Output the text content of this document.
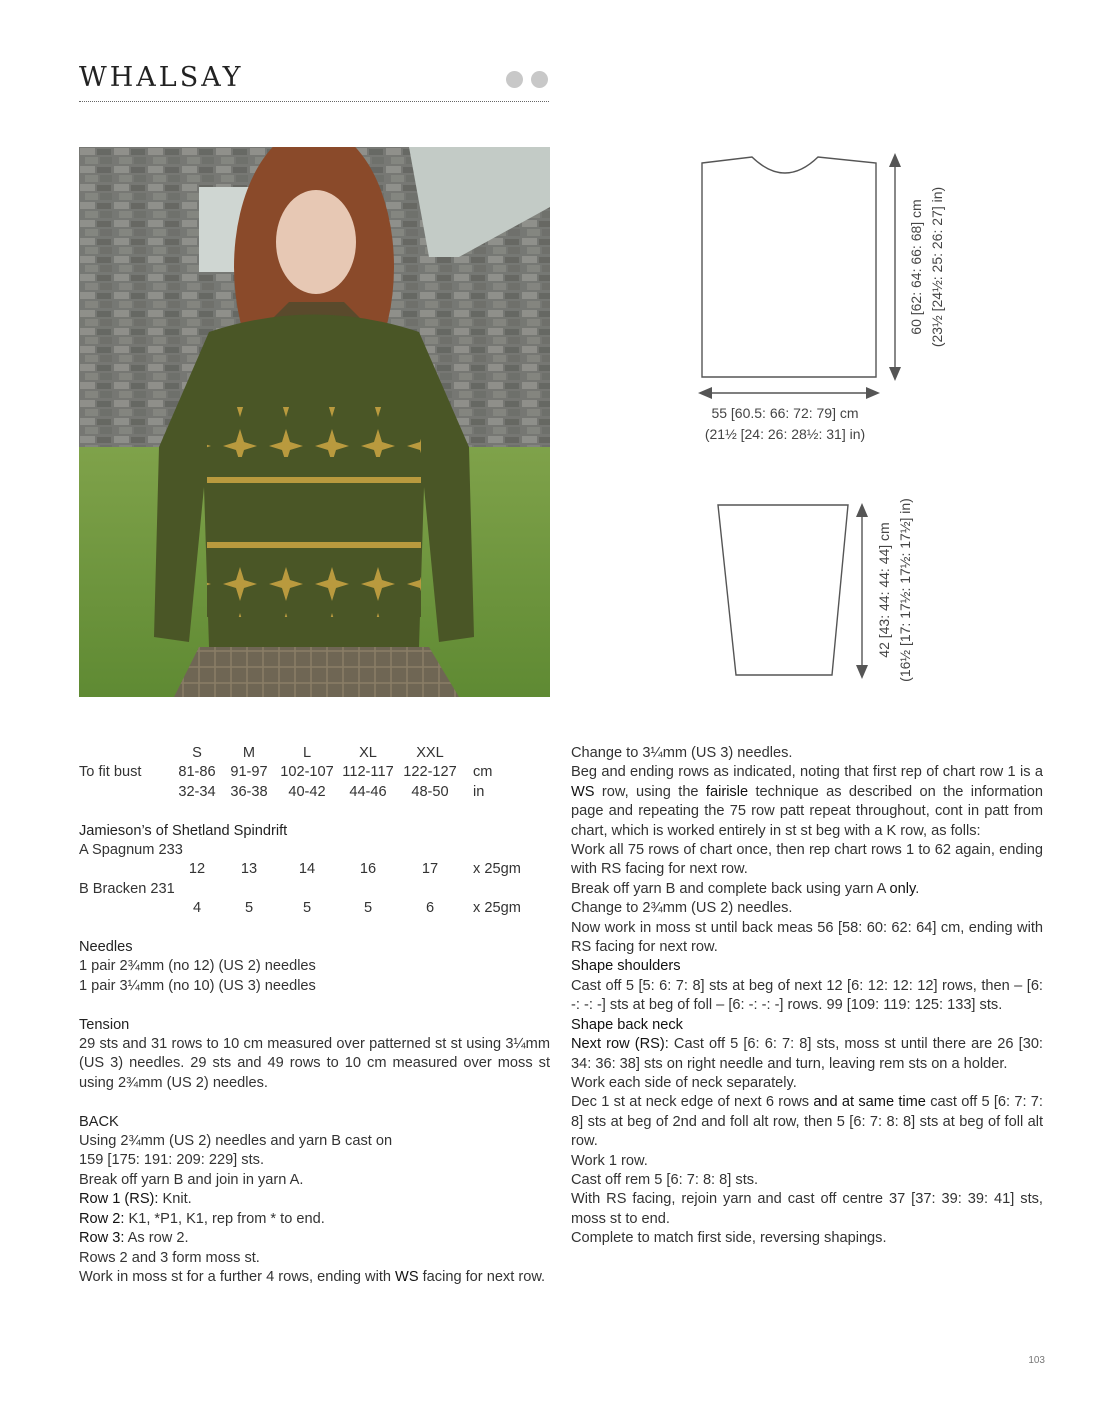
WHALSAY
55 [60.5: 66: 72: 79] cm
(21½ [24: 26: 28½: 31] in)
60 [62: 64: 66: 68] cm (23½ [24½: 25: 26: 27] in)
42 [43: 44: 44: 44] cm (16½ [17: 17½: 17½: 17½] in)
	S	M	L	XL	XXL	
To fit bust	81-86	91-97	102-107	112-117	122-127	cm
	32-34	36-38	40-42	44-46	48-50	in

Jamieson’s of Shetland Spindrift						
A Spagnum 233						
	12	13	14	16	17	x 25gm
B Bracken 231						
	4	5	5	5	6	x 25gm
Needles
1 pair 2¾mm (no 12) (US 2) needles
1 pair 3¼mm (no 10) (US 3) needles
Tension

29 sts and 31 rows to 10 cm measured over patterned st st using 3¼mm (US 3) needles. 29 sts and 49 rows to 10 cm measured over moss st using 2¾mm (US 2) needles.

BACK
Using 2¾mm (US 2) needles and yarn B cast on
159 [175: 191: 209: 229] sts.
Break off yarn B and join in yarn A.
Row 1 (RS): Knit.
Row 2: K1, *P1, K1, rep from * to end.
Row 3: As row 2.
Rows 2 and 3 form moss st.

Work in moss st for a further 4 rows, ending with WS facing for next row.

Change to 3¼mm (US 3) needles.

Beg and ending rows as indicated, noting that first rep of chart row 1 is a WS row, using the fairisle technique as described on the information page and repeating the 75 row patt repeat throughout, cont in patt from chart, which is worked entirely in st st beg with a K row, as folls:

Work all 75 rows of chart once, then rep chart rows 1 to 62 again, ending with RS facing for next row.

Break off yarn B and complete back using yarn A only.
Change to 2¾mm (US 2) needles.

Now work in moss st until back meas 56 [58: 60: 62: 64] cm, ending with RS facing for next row.

Shape shoulders

Cast off 5 [5: 6: 7: 8] sts at beg of next 12 [6: 12: 12: 12] rows, then – [6: -: -: -] sts at beg of foll – [6: -: -: -] rows. 99 [109: 119: 125: 133] sts.

Shape back neck

Next row (RS): Cast off 5 [6: 6: 7: 8] sts, moss st until there are 26 [30: 34: 36: 38] sts on right needle and turn, leaving rem sts on a holder.

Work each side of neck separately.

Dec 1 st at neck edge of next 6 rows and at same time cast off 5 [6: 7: 7: 8] sts at beg of 2nd and foll alt row, then 5 [6: 7: 8: 8] sts at beg of foll alt row.

Work 1 row.
Cast off rem 5 [6: 7: 8: 8] sts.

With RS facing, rejoin yarn and cast off centre 37 [37: 39: 39: 41] sts, moss st to end.

Complete to match first side, reversing shapings.
103
